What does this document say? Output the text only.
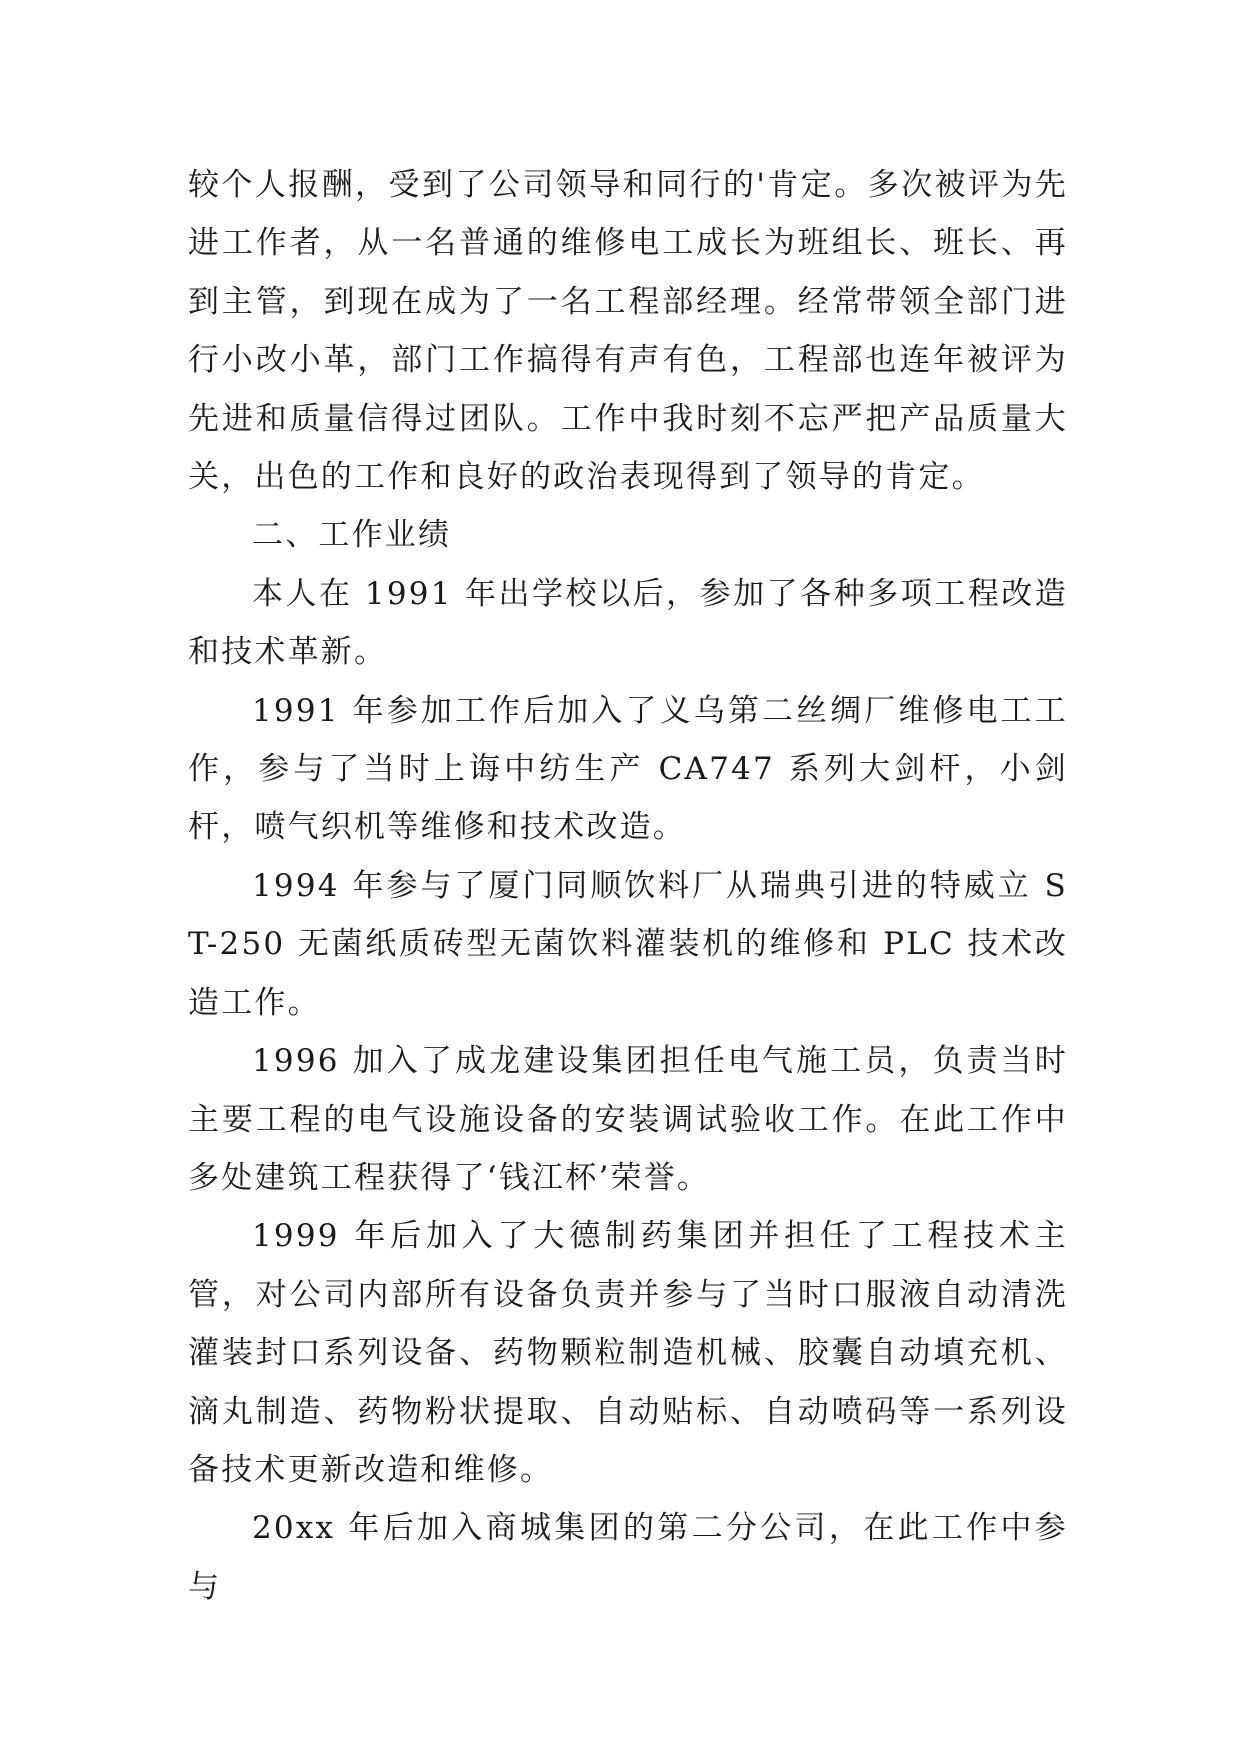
较个人报酬，受到了公司领导和同行的'肯定。多次被评为先进工作者，从一名普通的维修电工成长为班组长、班长、再到主管，到现在成为了一名工程部经理。经常带领全部门进行小改小革，部门工作搞得有声有色，工程部也连年被评为先进和质量信得过团队。工作中我时刻不忘严把产品质量大关，出色的工作和良好的政治表现得到了领导的肯定。

二、工作业绩

本人在 1991 年出学校以后，参加了各种多项工程改造和技术革新。

1991 年参加工作后加入了义乌第二丝绸厂维修电工工作，参与了当时上诲中纺生产 CA747 系列大剑杆，小剑杆，喷气织机等维修和技术改造。

1994 年参与了厦门同顺饮料厂从瑞典引进的特威立 ST-250 无菌纸质砖型无菌饮料灌装机的维修和 PLC 技术改造工作。

1996 加入了成龙建设集团担任电气施工员，负责当时主要工程的电气设施设备的安装调试验收工作。在此工作中多处建筑工程获得了‘钱江杯’荣誉。

1999 年后加入了大德制药集团并担任了工程技术主管，对公司内部所有设备负责并参与了当时口服液自动清洗灌装封口系列设备、药物颗粒制造机械、胶囊自动填充机、滴丸制造、药物粉状提取、自动贴标、自动喷码等一系列设备技术更新改造和维修。

20xx 年后加入商城集团的第二分公司，在此工作中参与
